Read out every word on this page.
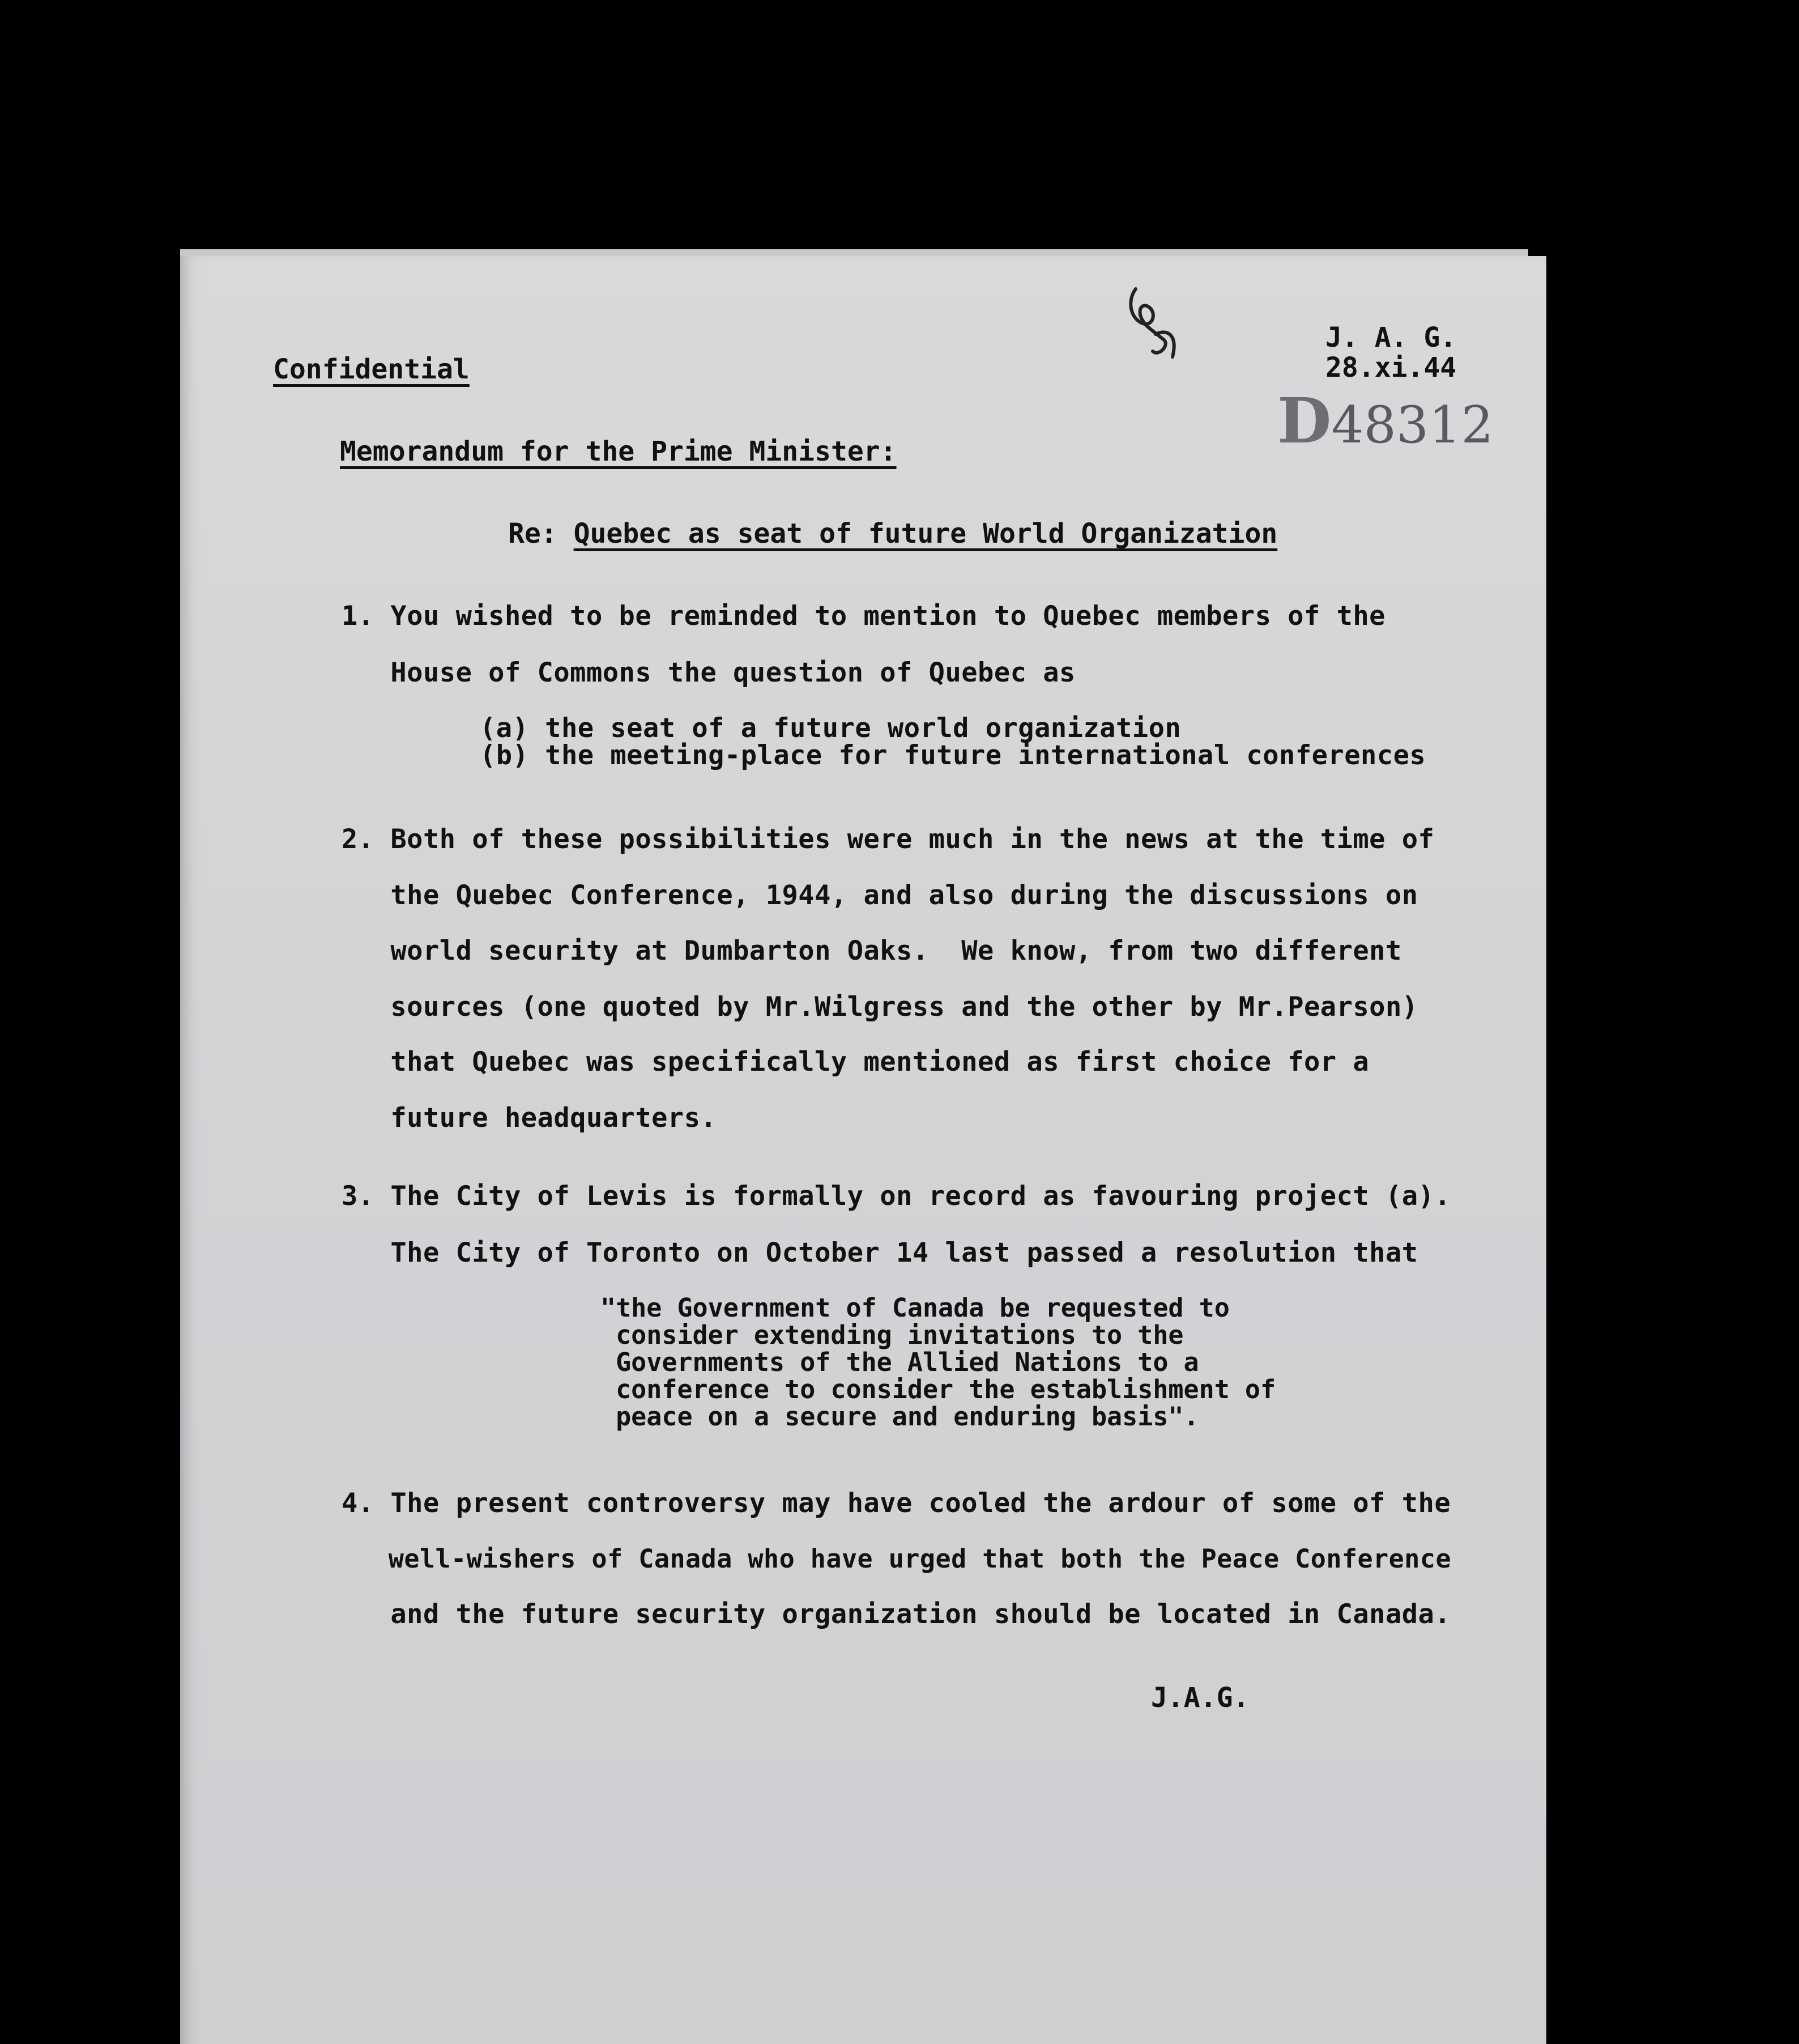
Confidential
J. A. G.
28.xi.44
D48312
Memorandum for the Prime Minister:
Re: Quebec as seat of future World Organization
1. You wished to be reminded to mention to Quebec members of the
House of Commons the question of Quebec as
(a) the seat of a future world organization
(b) the meeting-place for future international conferences
2. Both of these possibilities were much in the news at the time of
the Quebec Conference, 1944, and also during the discussions on
world security at Dumbarton Oaks.  We know, from two different
sources (one quoted by Mr.Wilgress and the other by Mr.Pearson)
that Quebec was specifically mentioned as first choice for a
future headquarters.
3. The City of Levis is formally on record as favouring project (a).
The City of Toronto on October 14 last passed a resolution that
"the Government of Canada be requested to
consider extending invitations to the
Governments of the Allied Nations to a
conference to consider the establishment of
peace on a secure and enduring basis".
4. The present controversy may have cooled the ardour of some of the
well-wishers of Canada who have urged that both the Peace Conference
and the future security organization should be located in Canada.
J.A.G.
